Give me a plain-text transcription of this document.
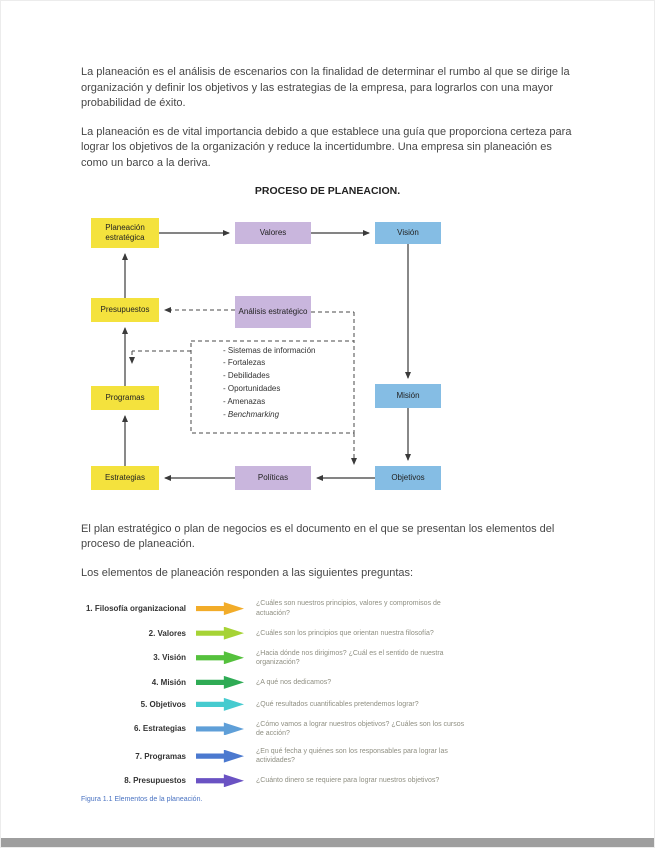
La planeación es el análisis de escenarios con la finalidad de determinar el rumbo al que se dirige la organización y definir los objetivos y las estrategias de la empresa, para lograrlos con una mayor probabilidad de éxito.

La planeación es de vital importancia debido a que establece una guía que proporciona certeza para lograr los objetivos de la organización y reduce la incertidumbre. Una empresa sin planeación es como un barco a la deriva.

PROCESO DE PLANEACION.
Planeación estratégica
Valores	Visión
Presupuestos	Análisis estratégico
Misión
Programas
Estrategias	Políticas	Objetivos
- Sistemas de información
- Fortalezas
- Debilidades
- Oportunidades
- Amenazas
- Benchmarking

El plan estratégico o plan de negocios es el documento en el que se presentan los elementos del proceso de planeación.

Los elementos de planeación responden a las siguientes preguntas:

1. Filosofía organizacional
¿Cuáles son nuestros principios, valores y compromisos de actuación?
2. Valores	¿Cuáles son los principios que orientan nuestra filosofía?
3. Visión
¿Hacia dónde nos dirigimos? ¿Cuál es el sentido de nuestra organización?
4. Misión	¿A qué nos dedicamos?
5. Objetivos	¿Qué resultados cuantificables pretendemos lograr?
6. Estrategias
¿Cómo vamos a lograr nuestros objetivos? ¿Cuáles son los cursos de acción?
7. Programas
¿En qué fecha y quiénes son los responsables para lograr las actividades?
8. Presupuestos	¿Cuánto dinero se requiere para lograr nuestros objetivos?

Figura 1.1 Elementos de la planeación.
